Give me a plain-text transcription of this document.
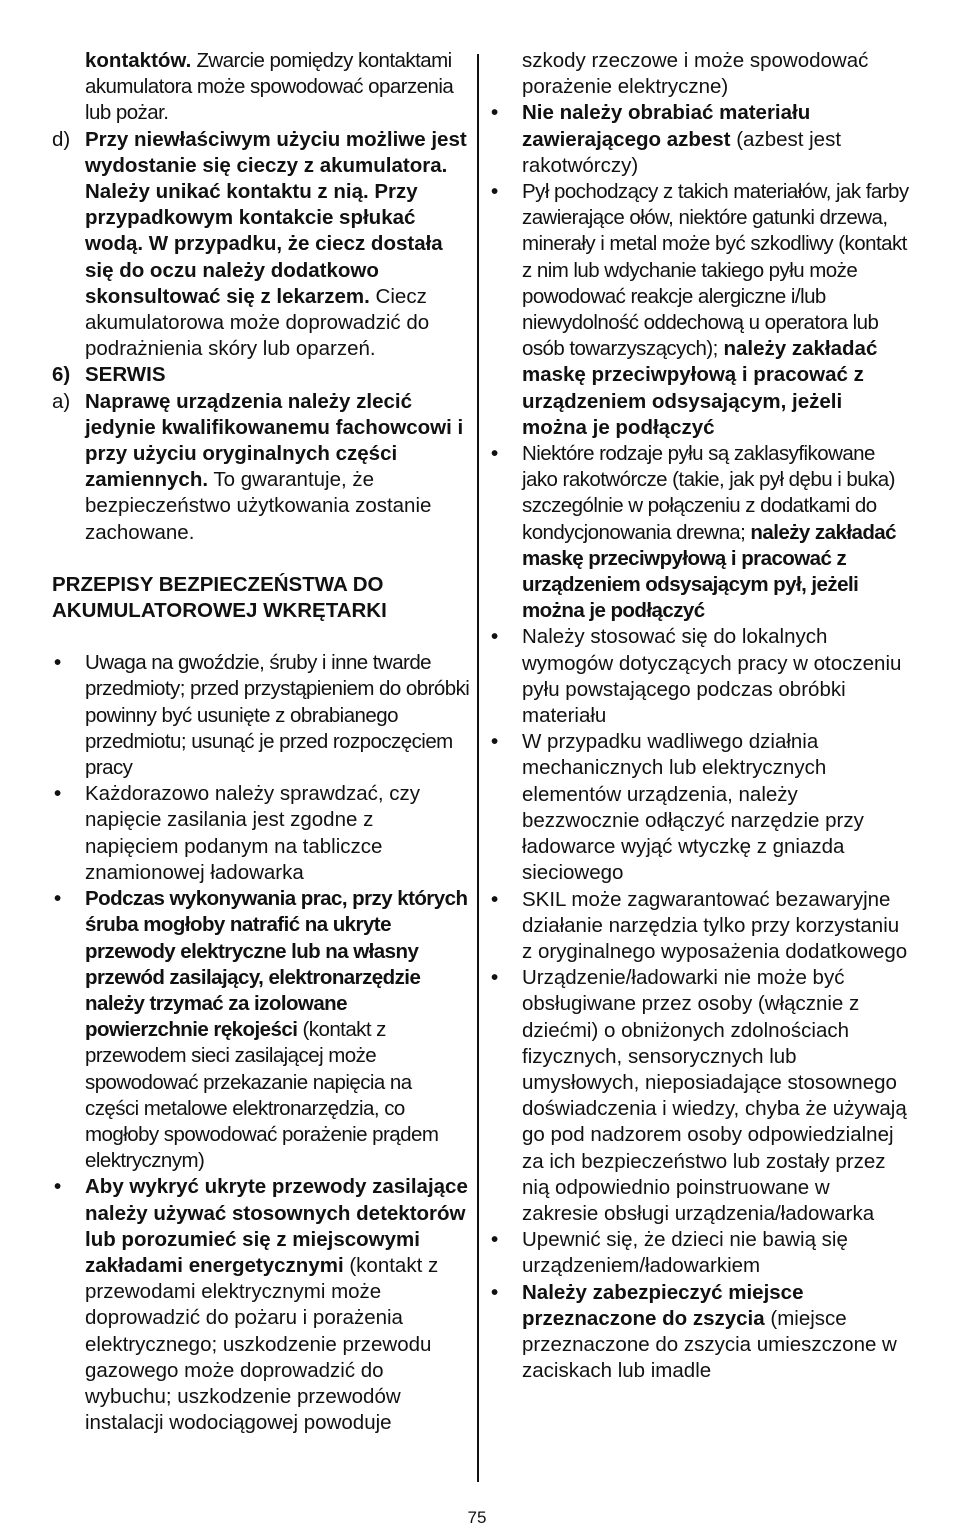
kontaktów. Zwarcie pomiędzy kontaktami akumulatora może spowodować oparzenia lub pożar.

d) Przy niewłaściwym użyciu możliwe jest wydostanie się cieczy z akumulatora. Należy unikać kontaktu z nią. Przy przypadkowym kontakcie spłukać wodą. W przypadku, że ciecz dostała się do oczu należy dodatkowo skonsultować się z lekarzem. Ciecz akumulatorowa może doprowadzić do podrażnienia skóry lub oparzeń.

6) SERWIS

a) Naprawę urządzenia należy zlecić jedynie kwalifikowanemu fachowcowi i przy użyciu oryginalnych części zamiennych. To gwarantuje, że bezpieczeństwo użytkowania zostanie zachowane.

PRZEPISY BEZPIECZEŃSTWA DO AKUMULATOROWEJ WKRĘTARKI

• Uwaga na gwoździe, śruby i inne twarde przedmioty; przed przystąpieniem do obróbki powinny być usunięte z obrabianego przedmiotu; usunąć je przed rozpoczęciem pracy

• Każdorazowo należy sprawdzać, czy napięcie zasilania jest zgodne z napięciem podanym na tabliczce znamionowej ładowarka

• Podczas wykonywania prac, przy których śruba mogłoby natrafić na ukryte przewody elektryczne lub na własny przewód zasilający, elektronarzędzie należy trzymać za izolowane powierzchnie rękojeści (kontakt z przewodem sieci zasilającej może spowodować przekazanie napięcia na części metalowe elektronarzędzia, co mogłoby spowodować porażenie prądem elektrycznym)

• Aby wykryć ukryte przewody zasilające należy używać stosownych detektorów lub porozumieć się z miejscowymi zakładami energetycznymi (kontakt z przewodami elektrycznymi może doprowadzić do pożaru i porażenia elektrycznego; uszkodzenie przewodu gazowego może doprowadzić do wybuchu; uszkodzenie przewodów instalacji wodociągowej powoduje

szkody rzeczowe i może spowodować porażenie elektryczne)

• Nie należy obrabiać materiału zawierającego azbest (azbest jest rakotwórczy)

• Pył pochodzący z takich materiałów, jak farby zawierające ołów, niektóre gatunki drzewa, minerały i metal może być szkodliwy (kontakt z nim lub wdychanie takiego pyłu może powodować reakcje alergiczne i/lub niewydolność oddechową u operatora lub osób towarzyszących); należy zakładać maskę przeciwpyłową i pracować z urządzeniem odsysającym, jeżeli można je podłączyć

• Niektóre rodzaje pyłu są zaklasyfikowane jako rakotwórcze (takie, jak pył dębu i buka) szczególnie w połączeniu z dodatkami do kondycjonowania drewna; należy zakładać maskę przeciwpyłową i pracować z urządzeniem odsysającym pył, jeżeli można je podłączyć

• Należy stosować się do lokalnych wymogów dotyczących pracy w otoczeniu pyłu powstającego podczas obróbki materiału

• W przypadku wadliwego działnia mechanicznych lub elektrycznych elementów urządzenia, należy bezzwocznie odłączyć narzędzie przy ładowarce wyjąć wtyczkę z gniazda sieciowego

• SKIL może zagwarantować bezawaryjne działanie narzędzia tylko przy korzystaniu z oryginalnego wyposażenia dodatkowego

• Urządzenie/ładowarki nie może być obsługiwane przez osoby (włącznie z dziećmi) o obniżonych zdolnościach fizycznych, sensorycznych lub umysłowych, nieposiadające stosownego doświadczenia i wiedzy, chyba że używają go pod nadzorem osoby odpowiedzialnej za ich bezpieczeństwo lub zostały przez nią odpowiednio poinstruowane w zakresie obsługi urządzenia/ładowarka

• Upewnić się, że dzieci nie bawią się urządzeniem/ładowarkiem

• Należy zabezpieczyć miejsce przeznaczone do zszycia (miejsce przeznaczone do zszycia umieszczone w zaciskach lub imadle

75
